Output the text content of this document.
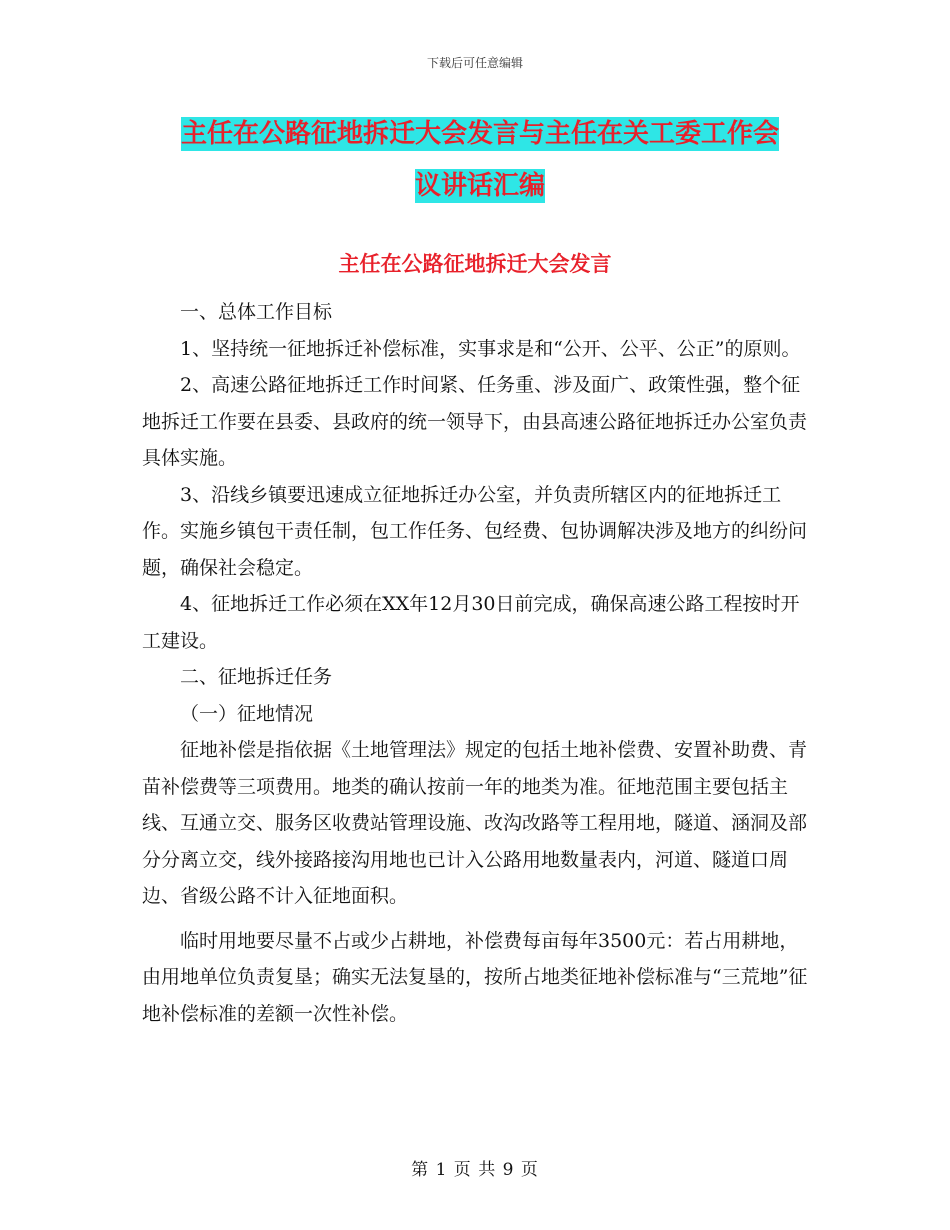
下载后可任意编辑
主任在公路征地拆迁大会发言与主任在关工委工作会
议讲话汇编
主任在公路征地拆迁大会发言

一、总体工作目标

1、坚持统一征地拆迁补偿标准，实事求是和“公开、公平、公正”的原则。

2、高速公路征地拆迁工作时间紧、任务重、涉及面广、政策性强，整个征地拆迁工作要在县委、县政府的统一领导下，由县高速公路征地拆迁办公室负责具体实施。

3、沿线乡镇要迅速成立征地拆迁办公室，并负责所辖区内的征地拆迁工作。实施乡镇包干责任制，包工作任务、包经费、包协调解决涉及地方的纠纷问题，确保社会稳定。

4、征地拆迁工作必须在XX年12月30日前完成，确保高速公路工程按时开工建设。

二、征地拆迁任务

（一）征地情况

征地补偿是指依据《土地管理法》规定的包括土地补偿费、安置补助费、青苗补偿费等三项费用。地类的确认按前一年的地类为准。征地范围主要包括主线、互通立交、服务区收费站管理设施、改沟改路等工程用地，隧道、涵洞及部分分离立交，线外接路接沟用地也已计入公路用地数量表内，河道、隧道口周边、省级公路不计入征地面积。

临时用地要尽量不占或少占耕地，补偿费每亩每年3500元：若占用耕地，由用地单位负责复垦；确实无法复垦的，按所占地类征地补偿标准与“三荒地”征地补偿标准的差额一次性补偿。

第 1 页 共 9 页
